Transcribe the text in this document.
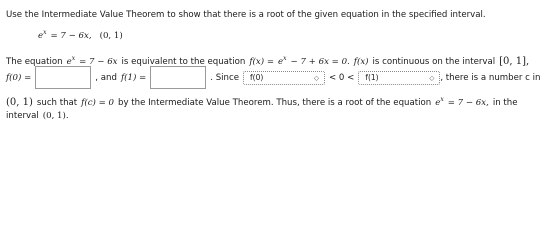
Use the Intermediate Value Theorem to show that there is a root of the given equation in the specified interval.
$e^x = 7 - 6x$, (0, 1)
The equation $e^x = 7 - 6x$ is equivalent to the equation $f(x) = e^x - 7 + 6x = 0$. f(x) is continuous on the interval [0, 1],
f(0) =	, and f(1) =	. Since f(0)	◇ < 0 < f(1)	◇ , there is a number c in
(0, 1) such that f(c) = 0 by the Intermediate Value Theorem. Thus, there is a root of the equation $e^x = 7 - 6x$, in the
interval (0, 1).
